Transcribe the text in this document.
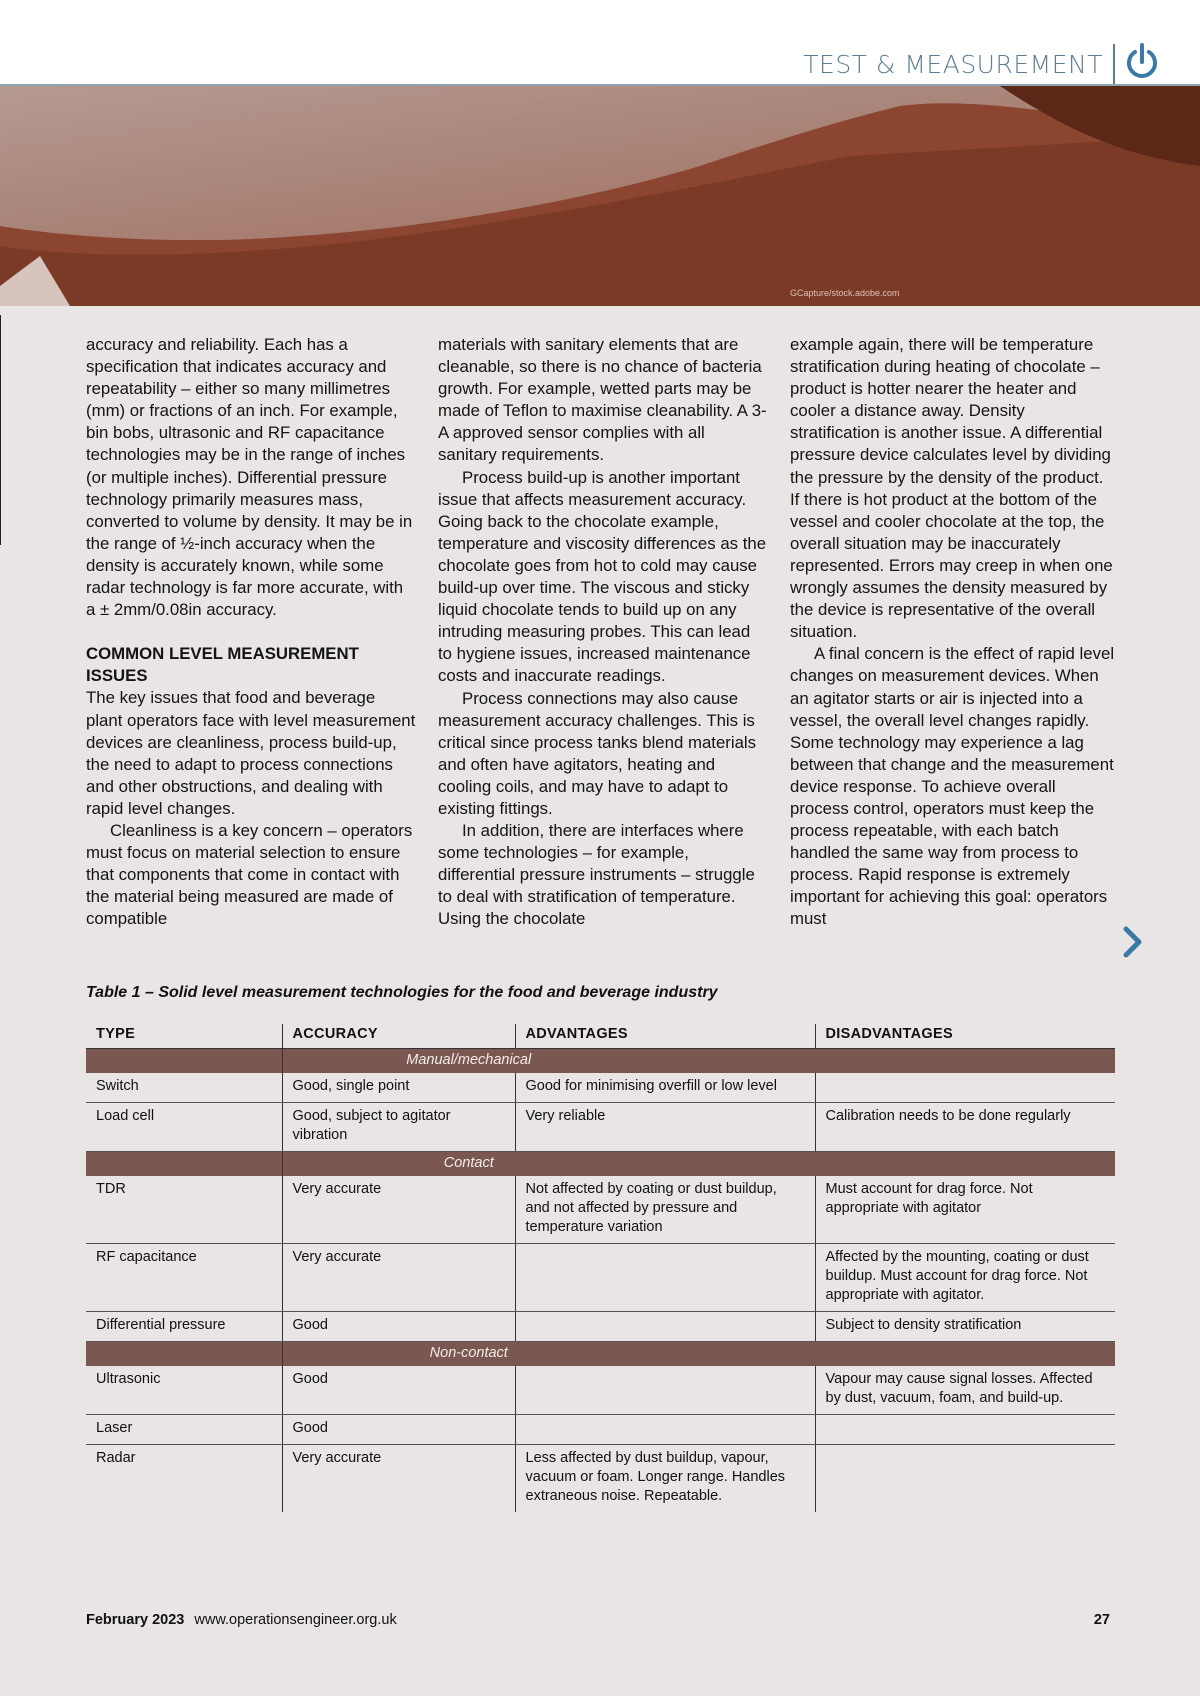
TEST & MEASUREMENT
GCapture/stock.adobe.com

accuracy and reliability. Each has a specification that indicates accuracy and repeatability – either so many millimetres (mm) or fractions of an inch. For example, bin bobs, ultrasonic and RF capacitance technologies may be in the range of inches (or multiple inches). Differential pressure technology primarily measures mass, converted to volume by density. It may be in the range of ½-inch accuracy when the density is accurately known, while some radar technology is far more accurate, with a ± 2mm/0.08in accuracy.

COMMON LEVEL MEASUREMENT ISSUES

The key issues that food and beverage plant operators face with level measurement devices are cleanliness, process build-up, the need to adapt to process connections and other obstructions, and dealing with rapid level changes.

Cleanliness is a key concern – operators must focus on material selection to ensure that components that come in contact with the material being measured are made of compatible

materials with sanitary elements that are cleanable, so there is no chance of bacteria growth. For example, wetted parts may be made of Teflon to maximise cleanability. A 3-A approved sensor complies with all sanitary requirements.

Process build-up is another important issue that affects measurement accuracy. Going back to the chocolate example, temperature and viscosity differences as the chocolate goes from hot to cold may cause build-up over time. The viscous and sticky liquid chocolate tends to build up on any intruding measuring probes. This can lead to hygiene issues, increased maintenance costs and inaccurate readings.

Process connections may also cause measurement accuracy challenges. This is critical since process tanks blend materials and often have agitators, heating and cooling coils, and may have to adapt to existing fittings.

In addition, there are interfaces where some technologies – for example, differential pressure instruments – struggle to deal with stratification of temperature. Using the chocolate

example again, there will be temperature stratification during heating of chocolate – product is hotter nearer the heater and cooler a distance away. Density stratification is another issue. A differential pressure device calculates level by dividing the pressure by the density of the product. If there is hot product at the bottom of the vessel and cooler chocolate at the top, the overall situation may be inaccurately represented. Errors may creep in when one wrongly assumes the density measured by the device is representative of the overall situation.

A final concern is the effect of rapid level changes on measurement devices. When an agitator starts or air is injected into a vessel, the overall level changes rapidly. Some technology may experience a lag between that change and the measurement device response. To achieve overall process control, operators must keep the process repeatable, with each batch handled the same way from process to process. Rapid response is extremely important for achieving this goal: operators must

Table 1 – Solid level measurement technologies for the food and beverage industry
TYPE	ACCURACY	ADVANTAGES	DISADVANTAGES
	Manual/mechanical		
Switch	Good, single point	Good for minimising overfill or low level	
Load cell	Good, subject to agitator vibration	Very reliable	Calibration needs to be done regularly
	Contact		
TDR	Very accurate	Not affected by coating or dust buildup, and not affected by pressure and temperature variation	Must account for drag force. Not appropriate with agitator
RF capacitance	Very accurate		Affected by the mounting, coating or dust buildup. Must account for drag force. Not appropriate with agitator.
Differential pressure	Good		Subject to density stratification
	Non-contact		
Ultrasonic	Good		Vapour may cause signal losses. Affected by dust, vacuum, foam, and build-up.
Laser	Good		
Radar	Very accurate	Less affected by dust buildup, vapour, vacuum or foam. Longer range. Handles extraneous noise. Repeatable.	
February 2023 www.operationsengineer.org.uk	27
